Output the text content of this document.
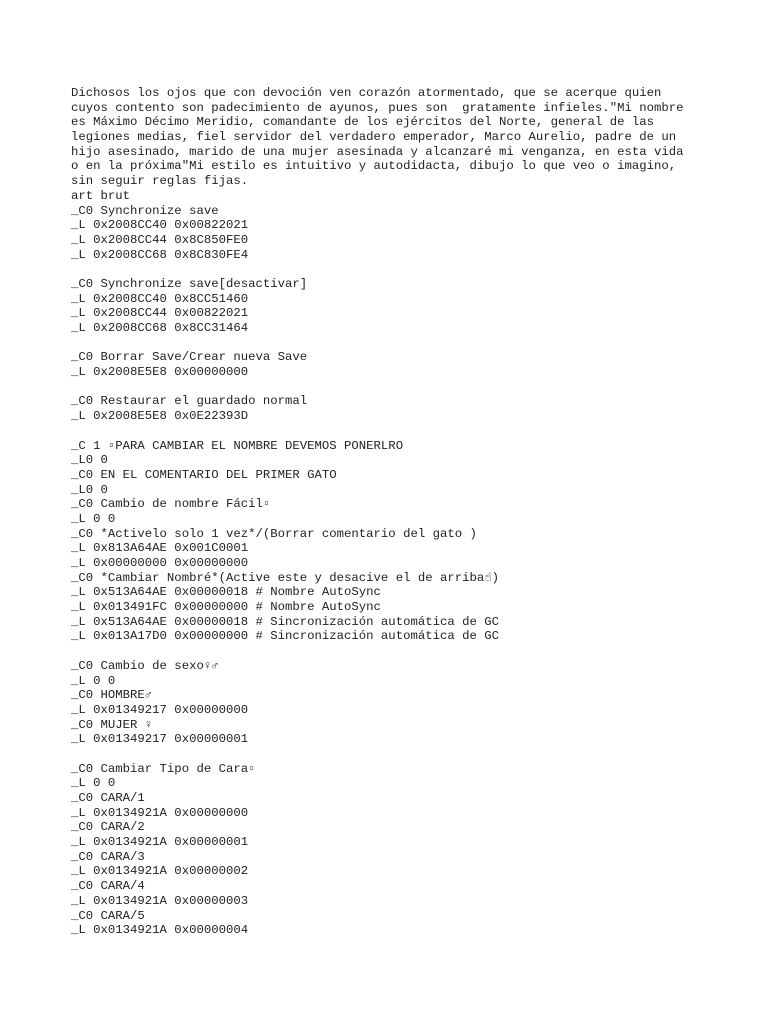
Dichosos los ojos que con devoción ven corazón atormentado, que se acerque quien
cuyos contento son padecimiento de ayunos, pues son  gratamente infieles."Mi nombre
es Máximo Décimo Meridio, comandante de los ejércitos del Norte, general de las
legiones medias, fiel servidor del verdadero emperador, Marco Aurelio, padre de un
hijo asesinado, marido de una mujer asesinada y alcanzaré mi venganza, en esta vida
o en la próxima"Mi estilo es intuitivo y autodidacta, dibujo lo que veo o imagino,
sin seguir reglas fijas.
art brut
_C0 Synchronize save
_L 0x2008CC40 0x00822021
_L 0x2008CC44 0x8C850FE0
_L 0x2008CC68 0x8C830FE4
_C0 Synchronize save[desactivar]
_L 0x2008CC40 0x8CC51460
_L 0x2008CC44 0x00822021
_L 0x2008CC68 0x8CC31464
_C0 Borrar Save/Crear nueva Save
_L 0x2008E5E8 0x00000000
_C0 Restaurar el guardado normal
_L 0x2008E5E8 0x0E22393D
_C 1 ▫PARA CAMBIAR EL NOMBRE DEVEMOS PONERLRO
_L0 0
_C0 EN EL COMENTARIO DEL PRIMER GATO
_L0 0
_C0 Cambio de nombre Fácil▫
_L 0 0
_C0 *Activelo solo 1 vez*/(Borrar comentario del gato )
_L 0x813A64AE 0x001C0001
_L 0x00000000 0x00000000
_C0 *Cambiar Nombré*(Active este y desacive el de arriba☝)
_L 0x513A64AE 0x00000018 # Nombre AutoSync
_L 0x013491FC 0x00000000 # Nombre AutoSync
_L 0x513A64AE 0x00000018 # Sincronización automática de GC
_L 0x013A17D0 0x00000000 # Sincronización automática de GC
_C0 Cambio de sexo♀♂
_L 0 0
_C0 HOMBRE♂
_L 0x01349217 0x00000000
_C0 MUJER ♀
_L 0x01349217 0x00000001
_C0 Cambiar Tipo de Cara▫
_L 0 0
_C0 CARA/1
_L 0x0134921A 0x00000000
_C0 CARA/2
_L 0x0134921A 0x00000001
_C0 CARA/3
_L 0x0134921A 0x00000002
_C0 CARA/4
_L 0x0134921A 0x00000003
_C0 CARA/5
_L 0x0134921A 0x00000004
